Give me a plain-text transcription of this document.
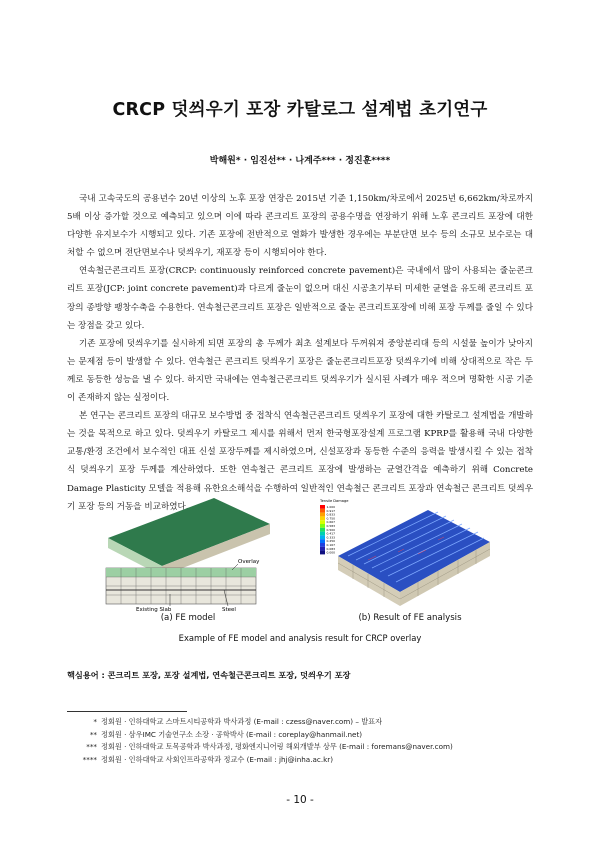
CRCP 덧씌우기 포장 카탈로그 설계법 초기연구
박해원* · 임진선** · 나계주*** · 정진훈****

국내 고속국도의 공용년수 20년 이상의 노후 포장 연장은 2015년 기준 1,150km/차로에서 2025년 6,662km/차로까지 5배 이상 증가할 것으로 예측되고 있으며 이에 따라 콘크리트 포장의 공용수명을 연장하기 위해 노후 콘크리트 포장에 대한 다양한 유지보수가 시행되고 있다. 기존 포장에 전반적으로 열화가 발생한 경우에는 부분단면 보수 등의 소규모 보수로는 대처할 수 없으며 전단면보수나 덧씌우기, 재포장 등이 시행되어야 한다.

연속철근콘크리트 포장(CRCP: continuously reinforced concrete pavement)은 국내에서 많이 사용되는 줄눈콘크리트 포장(JCP: joint concrete pavement)과 다르게 줄눈이 없으며 대신 시공초기부터 미세한 균열을 유도해 콘크리트 포장의 종방향 팽창수축을 수용한다. 연속철근콘크리트 포장은 일반적으로 줄눈 콘크리트포장에 비해 포장 두께를 줄일 수 있다는 장점을 갖고 있다.

기존 포장에 덧씌우기를 실시하게 되면 포장의 총 두께가 최초 설계보다 두꺼워져 중앙분리대 등의 시설물 높이가 낮아지는 문제점 등이 발생할 수 있다. 연속철근 콘크리트 덧씌우기 포장은 줄눈콘크리트포장 덧씌우기에 비해 상대적으로 작은 두께로 동등한 성능을 낼 수 있다. 하지만 국내에는 연속철근콘크리트 덧씌우기가 실시된 사례가 매우 적으며 명확한 시공 기준이 존재하지 않는 실정이다.

본 연구는 콘크리트 포장의 대규모 보수방법 중 접착식 연속철근콘크리트 덧씌우기 포장에 대한 카탈로그 설계법을 개발하는 것을 목적으로 하고 있다. 덧씌우기 카탈로그 제시를 위해서 먼저 한국형포장설계 프로그램 KPRP를 활용해 국내 다양한 교통/환경 조건에서 보수적인 대표 신설 포장두께를 제시하였으며, 신설포장과 동등한 수준의 응력을 발생시킬 수 있는 접착식 덧씌우기 포장 두께를 계산하였다. 또한 연속철근 콘크리트 포장에 발생하는 균열간격을 예측하기 위해 Concrete Damage Plasticity 모델을 적용해 유한요소해석을 수행하여 일반적인 연속철근 콘크리트 포장과 연속철근 콘크리트 덧씌우기 포장 등의 거동을 비교하였다.

Overlay
Existing Slab	Steel
Tensile Damage
1.000
0.917
0.833
0.750
0.667
0.583
0.500
0.417
0.333
0.250
0.167
0.083
0.000
(a) FE model	(b) Result of FE analysis
Example of FE model and analysis result for CRCP overlay
핵심용어 : 콘크리트 포장, 포장 설계법, 연속철근콘크리트 포장, 덧씌우기 포장
* 정회원 · 인하대학교 스마트시티공학과 박사과정 (E-mail : czess@naver.com) – 발표자
** 정회원 · 삼우IMC 기술연구소 소장 · 공학박사 (E-mail : coreplay@hanmail.net)
*** 정회원 · 인하대학교 토목공학과 박사과정, 평화엔지니어링 해외개발부 상무 (E-mail : foremans@naver.com)
**** 정회원 · 인하대학교 사회인프라공학과 정교수 (E-mail : jhj@inha.ac.kr)
- 10 -
